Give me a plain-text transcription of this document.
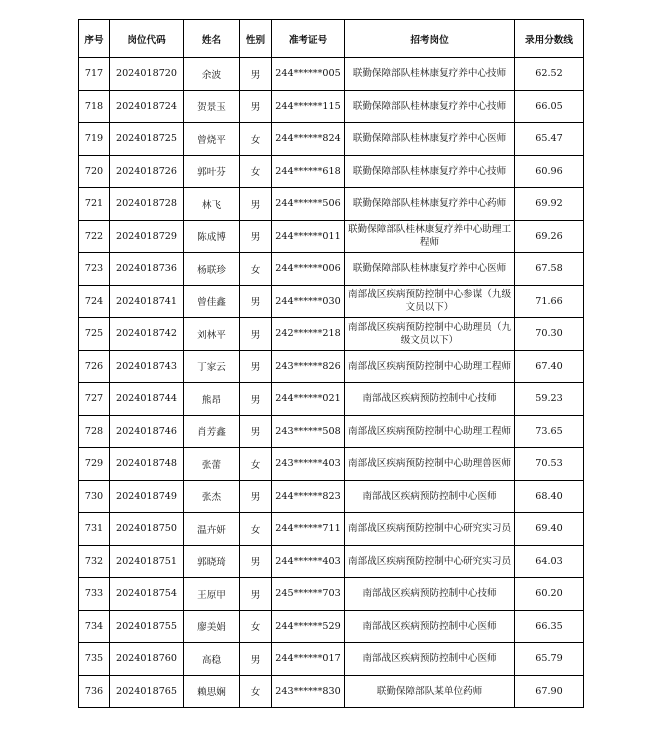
序号	岗位代码	姓名	性别	准考证号	招考岗位	录用分数线
717	2024018720	余波	男	244******005	联勤保障部队桂林康复疗养中心技师	62.52
718	2024018724	贺景玉	男	244******115	联勤保障部队桂林康复疗养中心技师	66.05
719	2024018725	曾烧平	女	244******824	联勤保障部队桂林康复疗养中心医师	65.47
720	2024018726	郭叶芬	女	244******618	联勤保障部队桂林康复疗养中心技师	60.96
721	2024018728	林飞	男	244******506	联勤保障部队桂林康复疗养中心药师	69.92
722	2024018729	陈成博	男	244******011	联勤保障部队桂林康复疗养中心助理工程师	69.26
723	2024018736	杨联珍	女	244******006	联勤保障部队桂林康复疗养中心医师	67.58
724	2024018741	曾佳鑫	男	244******030	南部战区疾病预防控制中心参谋（九级文员以下）	71.66
725	2024018742	刘林平	男	242******218	南部战区疾病预防控制中心助理员（九级文员以下）	70.30
726	2024018743	丁家云	男	243******826	南部战区疾病预防控制中心助理工程师	67.40
727	2024018744	熊昂	男	244******021	南部战区疾病预防控制中心技师	59.23
728	2024018746	肖芳鑫	男	243******508	南部战区疾病预防控制中心助理工程师	73.65
729	2024018748	张蕾	女	243******403	南部战区疾病预防控制中心助理兽医师	70.53
730	2024018749	张杰	男	244******823	南部战区疾病预防控制中心医师	68.40
731	2024018750	温卉妍	女	244******711	南部战区疾病预防控制中心研究实习员	69.40
732	2024018751	郭晓琦	男	244******403	南部战区疾病预防控制中心研究实习员	64.03
733	2024018754	王原甲	男	245******703	南部战区疾病预防控制中心技师	60.20
734	2024018755	廖美娟	女	244******529	南部战区疾病预防控制中心医师	66.35
735	2024018760	高稳	男	244******017	南部战区疾病预防控制中心医师	65.79
736	2024018765	赖思娴	女	243******830	联勤保障部队某单位药师	67.90
